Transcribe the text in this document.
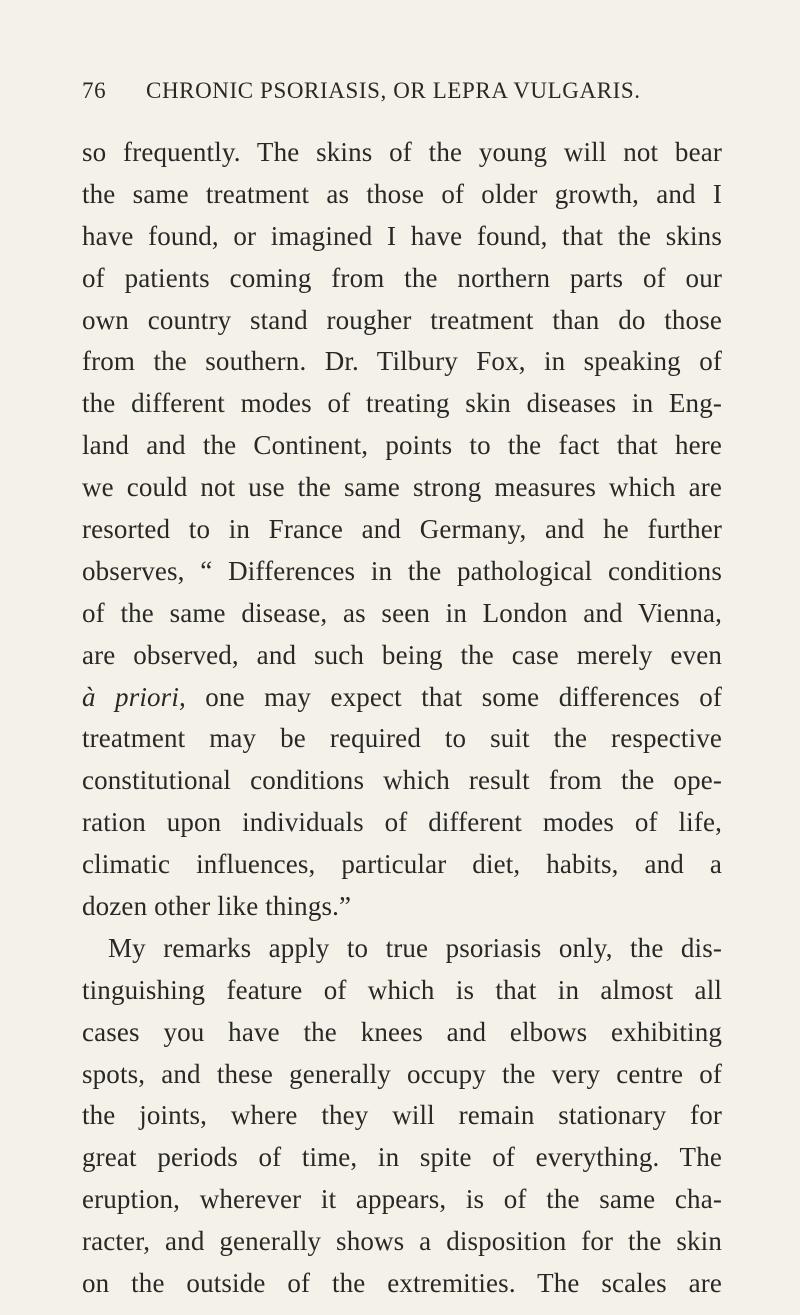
76 CHRONIC PSORIASIS, OR LEPRA VULGARIS.
so frequently. The skins of the young will not bear
the same treatment as those of older growth, and I
have found, or imagined I have found, that the skins
of patients coming from the northern parts of our
own country stand rougher treatment than do those
from the southern. Dr. Tilbury Fox, in speaking of
the different modes of treating skin diseases in Eng-
land and the Continent, points to the fact that here
we could not use the same strong measures which are
resorted to in France and Germany, and he further
observes, “ Differences in the pathological conditions
of the same disease, as seen in London and Vienna,
are observed, and such being the case merely even
à priori, one may expect that some differences of
treatment may be required to suit the respective
constitutional conditions which result from the ope-
ration upon individuals of different modes of life,
climatic influences, particular diet, habits, and a
dozen other like things.”
My remarks apply to true psoriasis only, the dis-
tinguishing feature of which is that in almost all
cases you have the knees and elbows exhibiting
spots, and these generally occupy the very centre of
the joints, where they will remain stationary for
great periods of time, in spite of everything. The
eruption, wherever it appears, is of the same cha-
racter, and generally shows a disposition for the skin
on the outside of the extremities. The scales are
